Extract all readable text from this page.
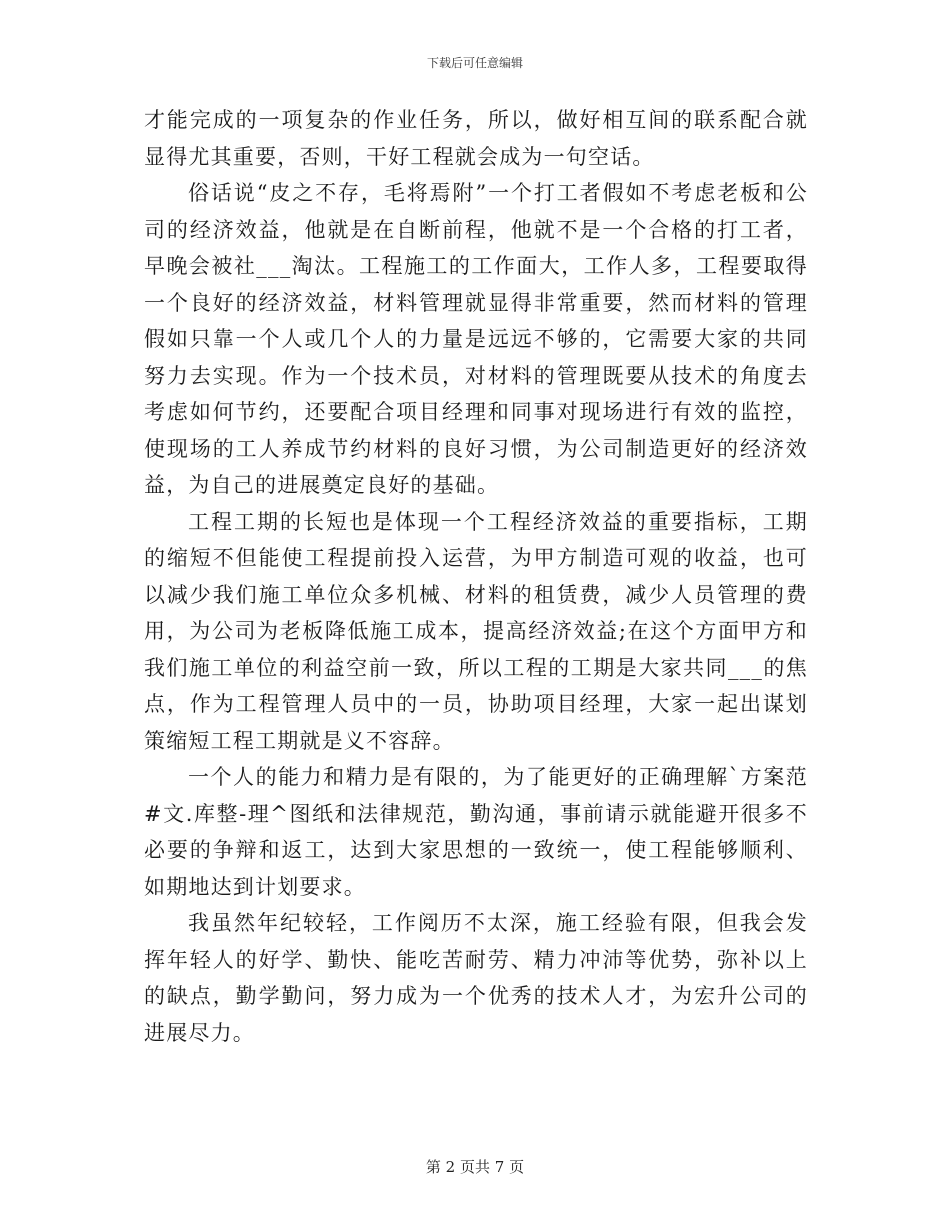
下载后可任意编辑

才能完成的一项复杂的作业任务，所以，做好相互间的联系配合就显得尤其重要，否则，干好工程就会成为一句空话。

俗话说“皮之不存，毛将焉附”一个打工者假如不考虑老板和公司的经济效益，他就是在自断前程，他就不是一个合格的打工者，早晚会被社___淘汰。工程施工的工作面大，工作人多，工程要取得一个良好的经济效益，材料管理就显得非常重要，然而材料的管理假如只靠一个人或几个人的力量是远远不够的，它需要大家的共同努力去实现。作为一个技术员，对材料的管理既要从技术的角度去考虑如何节约，还要配合项目经理和同事对现场进行有效的监控，使现场的工人养成节约材料的良好习惯，为公司制造更好的经济效益，为自己的进展奠定良好的基础。

工程工期的长短也是体现一个工程经济效益的重要指标，工期的缩短不但能使工程提前投入运营，为甲方制造可观的收益，也可以减少我们施工单位众多机械、材料的租赁费，减少人员管理的费用，为公司为老板降低施工成本，提高经济效益;在这个方面甲方和我们施工单位的利益空前一致，所以工程的工期是大家共同___的焦点，作为工程管理人员中的一员，协助项目经理，大家一起出谋划策缩短工程工期就是义不容辞。

一个人的能力和精力是有限的，为了能更好的正确理解`方案范#文.库整-理^图纸和法律规范，勤沟通，事前请示就能避开很多不必要的争辩和返工，达到大家思想的一致统一，使工程能够顺利、如期地达到计划要求。

我虽然年纪较轻，工作阅历不太深，施工经验有限，但我会发挥年轻人的好学、勤快、能吃苦耐劳、精力冲沛等优势，弥补以上的缺点，勤学勤问，努力成为一个优秀的技术人才，为宏升公司的进展尽力。

第 2 页共 7 页
